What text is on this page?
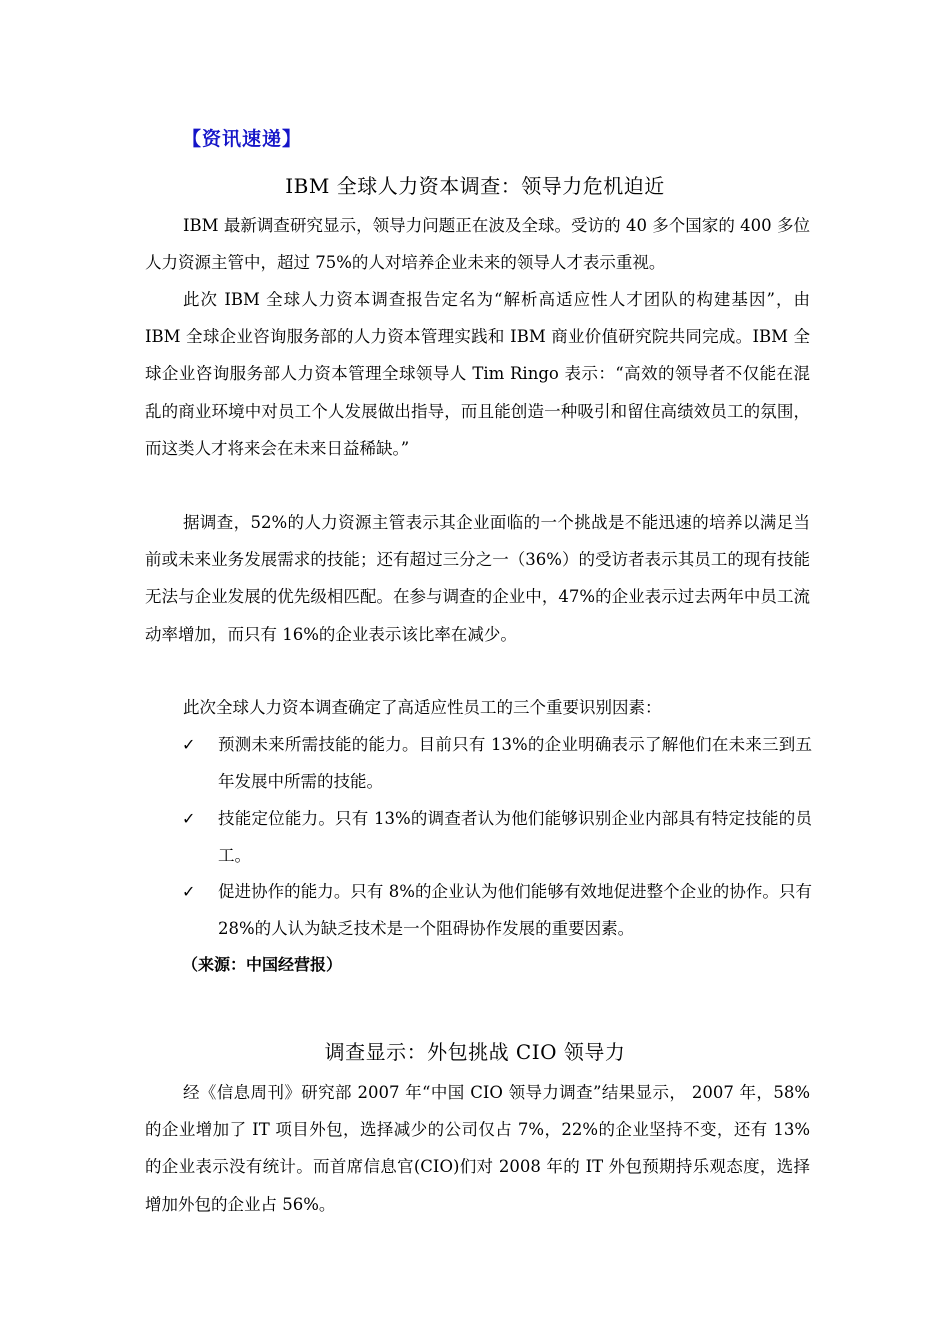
【资讯速递】
IBM 全球人力资本调查：领导力危机迫近

IBM 最新调查研究显示，领导力问题正在波及全球。受访的 40 多个国家的 400 多位人力资源主管中，超过 75%的人对培养企业未来的领导人才表示重视。

此次 IBM 全球人力资本调查报告定名为“解析高适应性人才团队的构建基因”，由 IBM 全球企业咨询服务部的人力资本管理实践和 IBM 商业价值研究院共同完成。IBM 全球企业咨询服务部人力资本管理全球领导人 Tim Ringo 表示：“高效的领导者不仅能在混乱的商业环境中对员工个人发展做出指导，而且能创造一种吸引和留住高绩效员工的氛围，而这类人才将来会在未来日益稀缺。”

据调查，52%的人力资源主管表示其企业面临的一个挑战是不能迅速的培养以满足当前或未来业务发展需求的技能；还有超过三分之一（36%）的受访者表示其员工的现有技能无法与企业发展的优先级相匹配。在参与调查的企业中，47%的企业表示过去两年中员工流动率增加，而只有 16%的企业表示该比率在减少。

此次全球人力资本调查确定了高适应性员工的三个重要识别因素：

✓ 预测未来所需技能的能力。目前只有 13%的企业明确表示了解他们在未来三到五年发展中所需的技能。
✓ 技能定位能力。只有 13%的调查者认为他们能够识别企业内部具有特定技能的员工。
✓ 促进协作的能力。只有 8%的企业认为他们能够有效地促进整个企业的协作。只有 28%的人认为缺乏技术是一个阻碍协作发展的重要因素。
（来源：中国经营报）
调查显示：外包挑战 CIO 领导力

经《信息周刊》研究部 2007 年“中国 CIO 领导力调查”结果显示， 2007 年，58%的企业增加了 IT 项目外包，选择减少的公司仅占 7%，22%的企业坚持不变，还有 13%的企业表示没有统计。而首席信息官(CIO)们对 2008 年的 IT 外包预期持乐观态度，选择增加外包的企业占 56%。
